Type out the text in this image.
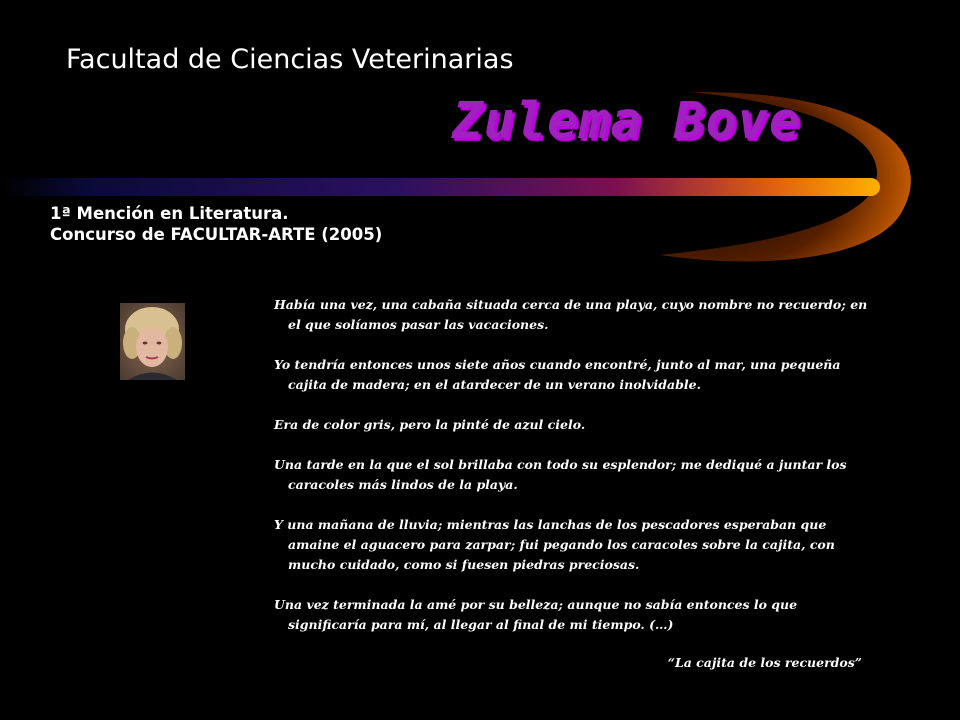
Facultad de Ciencias Veterinarias
Zulema Bove
1ª Mención en Literatura.
Concurso de FACULTAR-ARTE (2005)

Había una vez, una cabaña situada cerca de una playa, cuyo nombre no recuerdo; en el que solíamos pasar las vacaciones.

Yo tendría entonces unos siete años cuando encontré, junto al mar, una pequeña cajita de madera; en el atardecer de un verano inolvidable.

Era de color gris, pero la pinté de azul cielo.

Una tarde en la que el sol brillaba con todo su esplendor; me dediqué a juntar los caracoles más lindos de la playa.

Y una mañana de lluvia; mientras las lanchas de los pescadores esperaban que amaine el aguacero para zarpar; fui pegando los caracoles sobre la cajita, con mucho cuidado, como si fuesen piedras preciosas.

Una vez terminada la amé por su belleza; aunque no sabía entonces lo que significaría para mí, al llegar al final de mi tiempo. (…)

“La cajita de los recuerdos”
